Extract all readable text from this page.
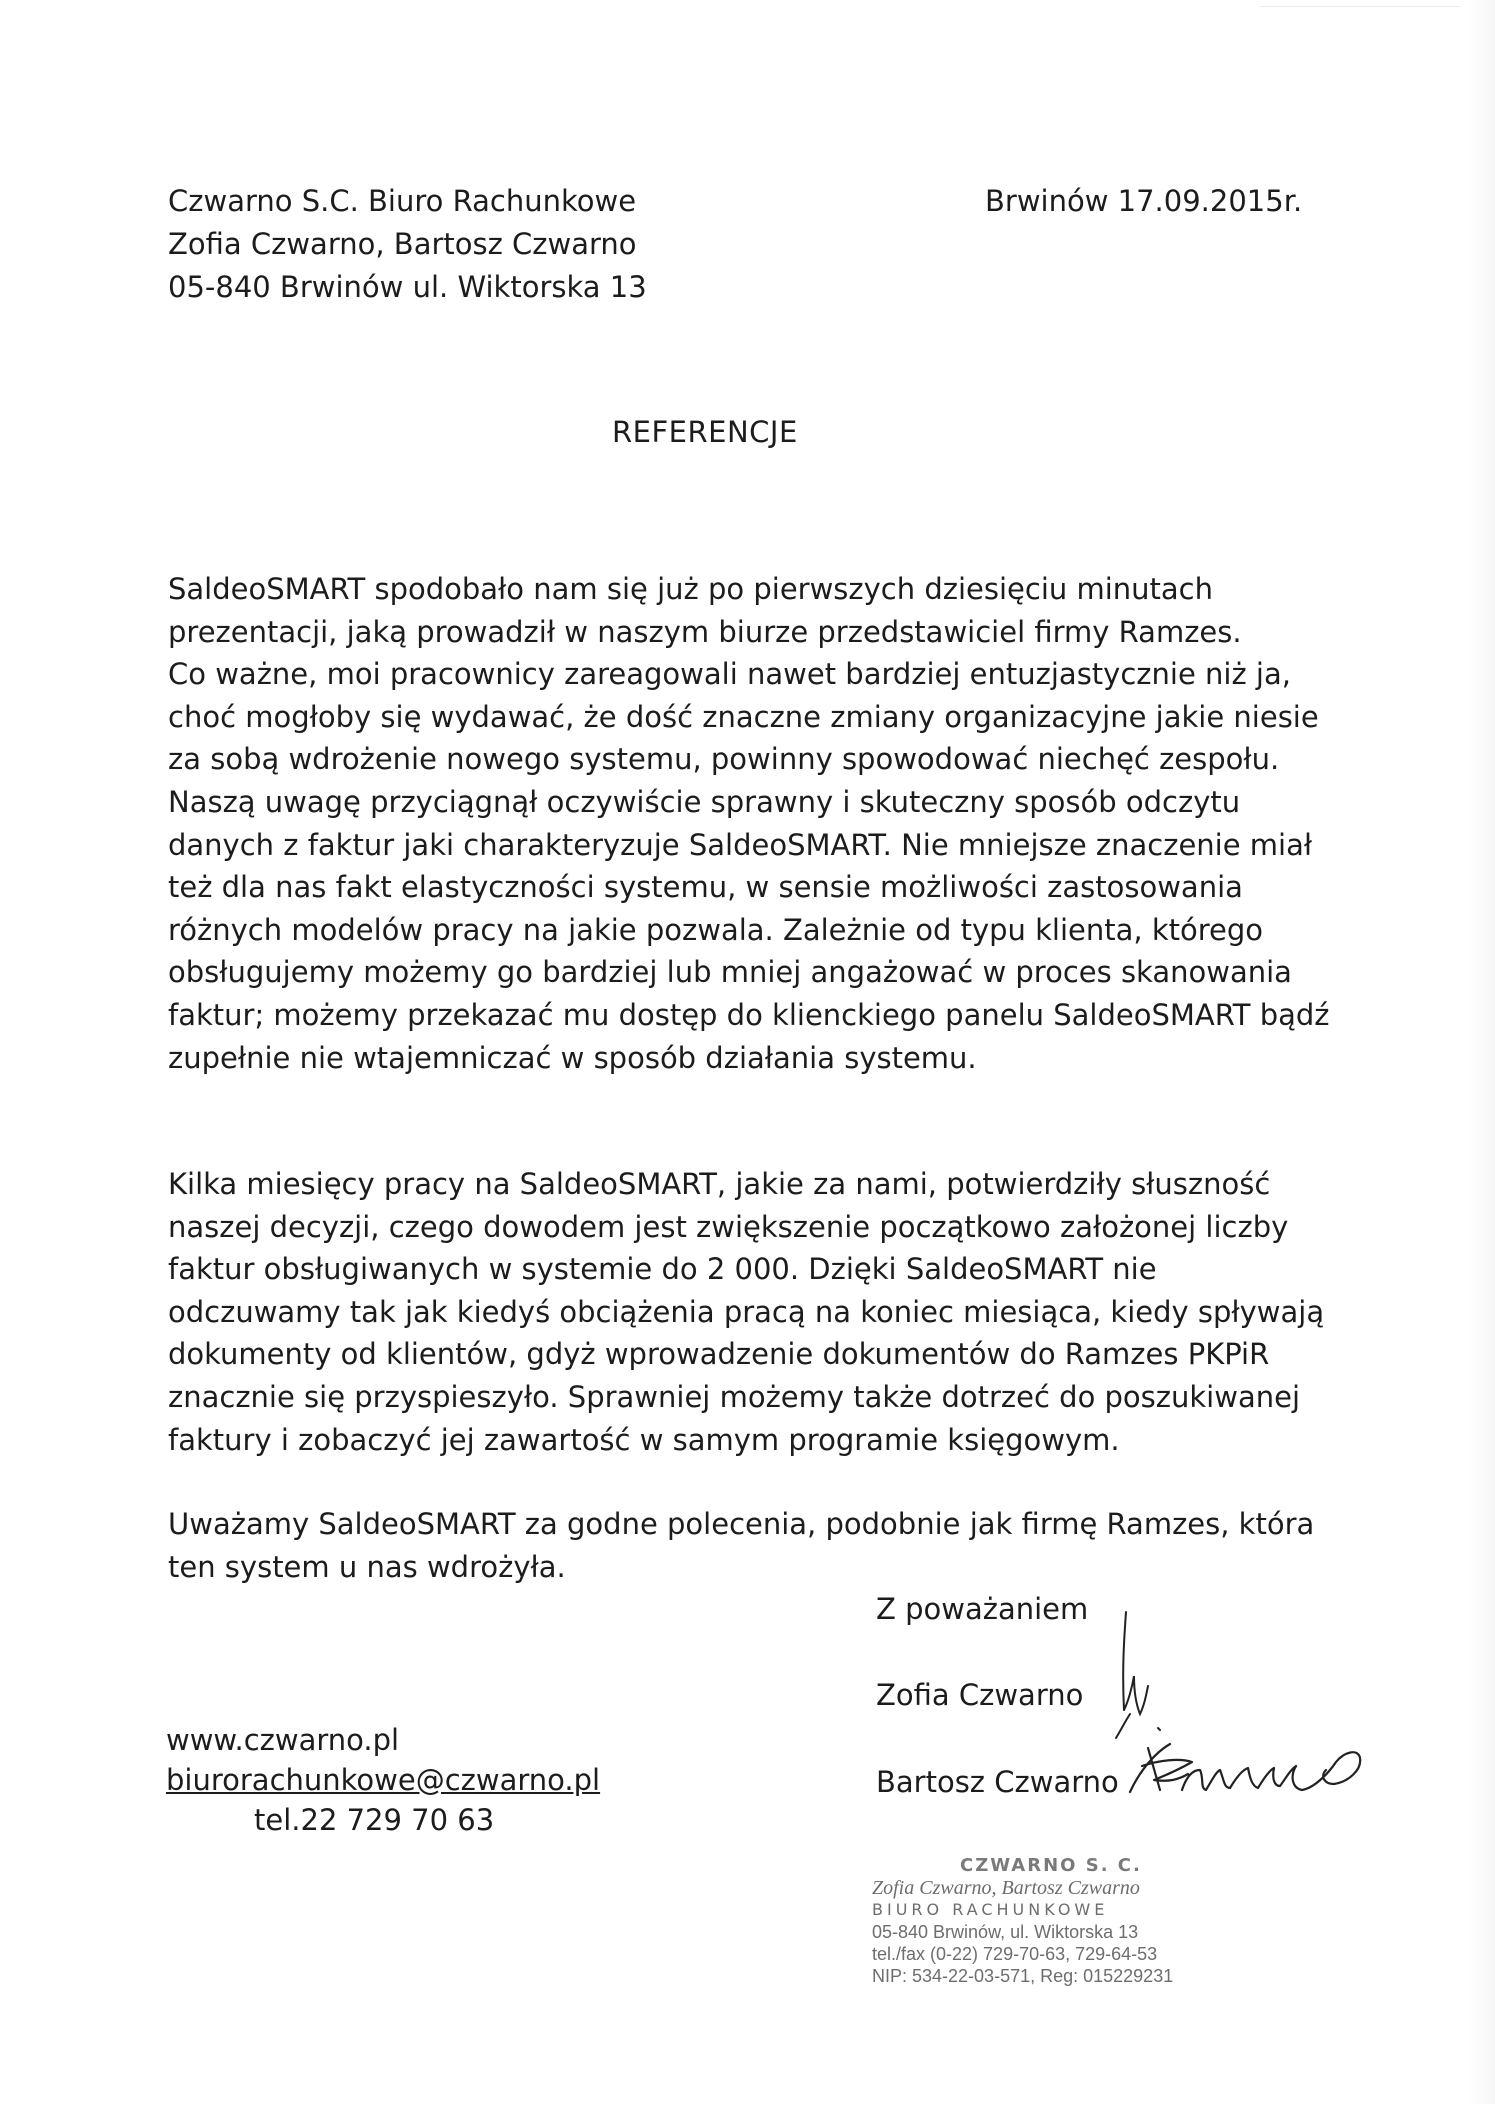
Czwarno S.C. Biuro Rachunkowe
Zofia Czwarno, Bartosz Czwarno
05-840 Brwinów ul. Wiktorska 13
Brwinów 17.09.2015r.
REFERENCJE
SaldeoSMART spodobało nam się już po pierwszych dziesięciu minutach
prezentacji, jaką prowadził w naszym biurze przedstawiciel firmy Ramzes.
Co ważne, moi pracownicy zareagowali nawet bardziej entuzjastycznie niż ja,
choć mogłoby się wydawać, że dość znaczne zmiany organizacyjne jakie niesie
za sobą wdrożenie nowego systemu, powinny spowodować niechęć zespołu.
Naszą uwagę przyciągnął oczywiście sprawny i skuteczny sposób odczytu
danych z faktur jaki charakteryzuje SaldeoSMART. Nie mniejsze znaczenie miał
też dla nas fakt elastyczności systemu, w sensie możliwości zastosowania
różnych modelów pracy na jakie pozwala. Zależnie od typu klienta, którego
obsługujemy możemy go bardziej lub mniej angażować w proces skanowania
faktur; możemy przekazać mu dostęp do klienckiego panelu SaldeoSMART bądź
zupełnie nie wtajemniczać w sposób działania systemu.
Kilka miesięcy pracy na SaldeoSMART, jakie za nami, potwierdziły słuszność
naszej decyzji, czego dowodem jest zwiększenie początkowo założonej liczby
faktur obsługiwanych w systemie do 2 000. Dzięki SaldeoSMART nie
odczuwamy tak jak kiedyś obciążenia pracą na koniec miesiąca, kiedy spływają
dokumenty od klientów, gdyż wprowadzenie dokumentów do Ramzes PKPiR
znacznie się przyspieszyło. Sprawniej możemy także dotrzeć do poszukiwanej
faktury i zobaczyć jej zawartość w samym programie księgowym.
Uważamy SaldeoSMART za godne polecenia, podobnie jak firmę Ramzes, która
ten system u nas wdrożyła.
Z poważaniem
Zofia Czwarno
Bartosz Czwarno
www.czwarno.pl
biurorachunkowe@czwarno.pl
tel.22 729 70 63
CZWARNO S. C.
Zofia Czwarno, Bartosz Czwarno
BIURO RACHUNKOWE
05-840 Brwinów, ul. Wiktorska 13
tel./fax (0-22) 729-70-63, 729-64-53
NIP: 534-22-03-571, Reg: 015229231
